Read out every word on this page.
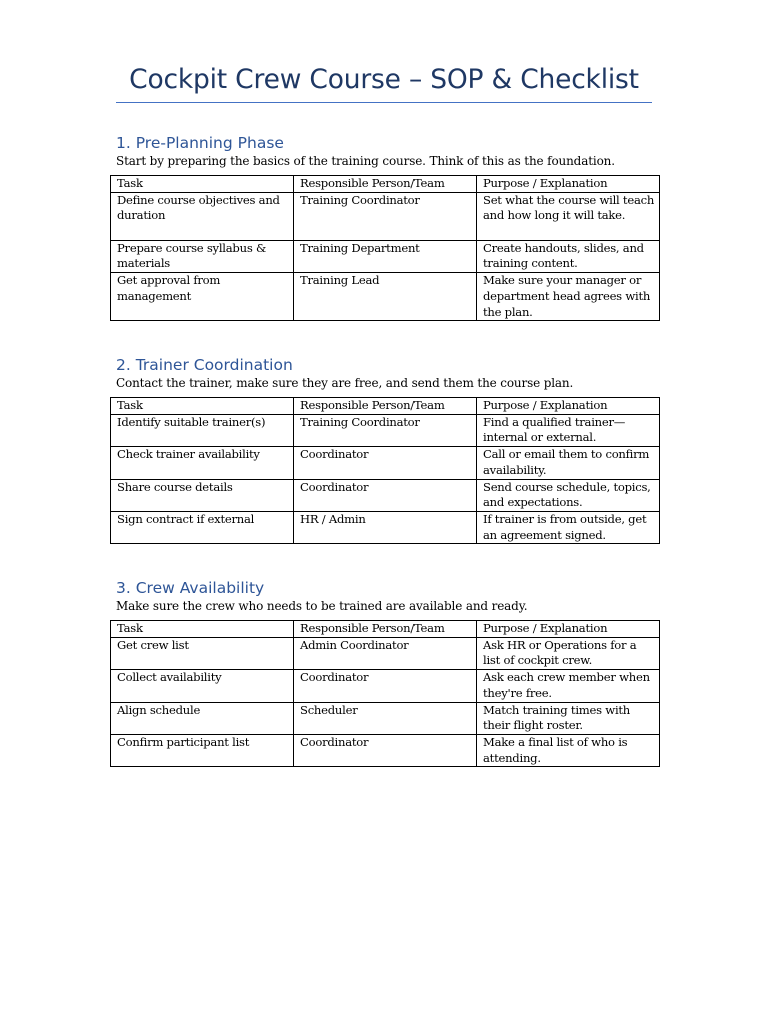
Cockpit Crew Course – SOP & Checklist
1. Pre-Planning Phase
Start by preparing the basics of the training course. Think of this as the foundation.
Task	Responsible Person/Team	Purpose / Explanation
Define course objectives and duration	Training Coordinator	Set what the course will teach and how long it will take.
Prepare course syllabus & materials	Training Department	Create handouts, slides, and training content.
Get approval from management	Training Lead	Make sure your manager or department head agrees with the plan.
2. Trainer Coordination
Contact the trainer, make sure they are free, and send them the course plan.
Task	Responsible Person/Team	Purpose / Explanation
Identify suitable trainer(s)	Training Coordinator	Find a qualified trainer—internal or external.
Check trainer availability	Coordinator	Call or email them to confirm availability.
Share course details	Coordinator	Send course schedule, topics, and expectations.
Sign contract if external	HR / Admin	If trainer is from outside, get an agreement signed.
3. Crew Availability
Make sure the crew who needs to be trained are available and ready.
Task	Responsible Person/Team	Purpose / Explanation
Get crew list	Admin Coordinator	Ask HR or Operations for a list of cockpit crew.
Collect availability	Coordinator	Ask each crew member when they're free.
Align schedule	Scheduler	Match training times with their flight roster.
Confirm participant list	Coordinator	Make a final list of who is attending.
